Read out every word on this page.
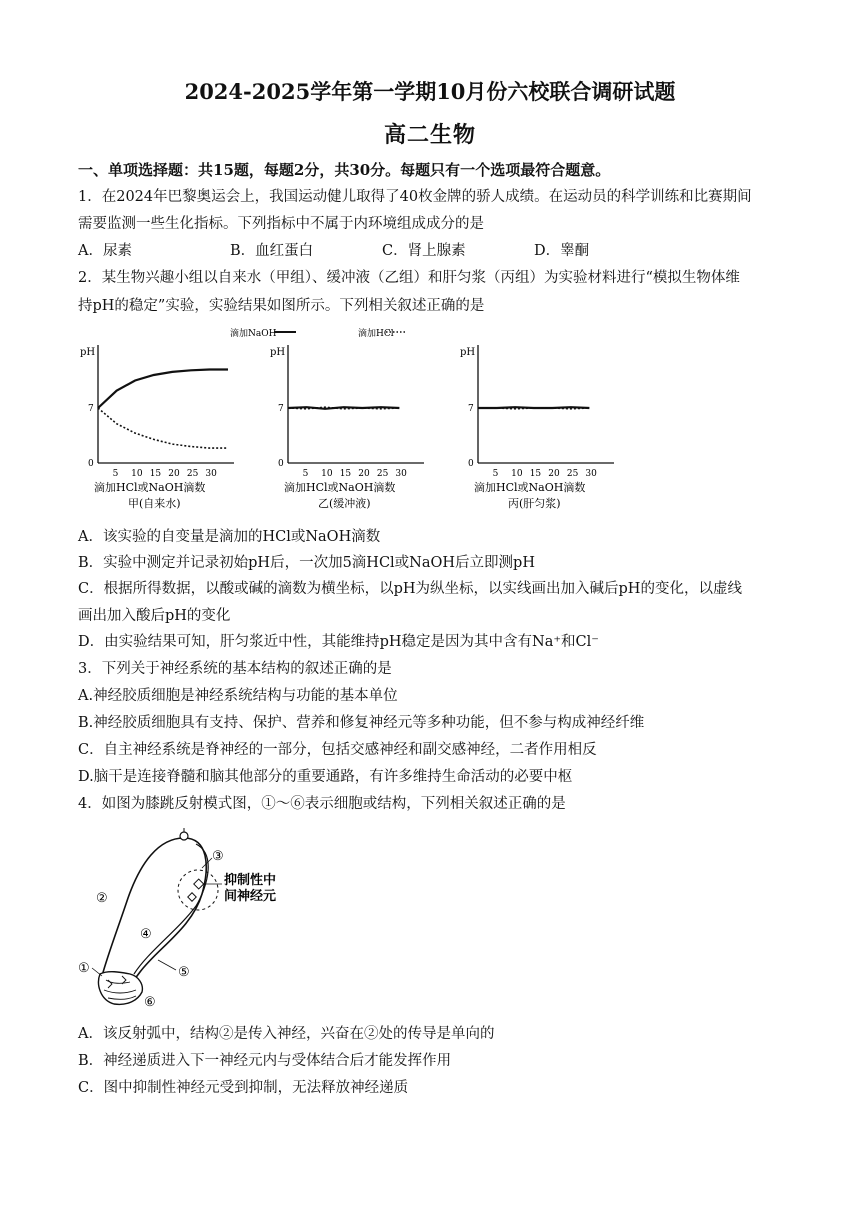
2024-2025学年第一学期10月份六校联合调研试题
高二生物
一、单项选择题：共15题，每题2分，共30分。每题只有一个选项最符合题意。
1．在2024年巴黎奥运会上，我国运动健儿取得了40枚金牌的骄人成绩。在运动员的科学训练和比赛期间
需要监测一些生化指标。下列指标中不属于内环境组成成分的是
A．尿素	B．血红蛋白	C．肾上腺素	D．睾酮
2．某生物兴趣小组以自来水（甲组）、缓冲液（乙组）和肝匀浆（丙组）为实验材料进行“模拟生物体维
持pH的稳定”实验，实验结果如图所示。下列相关叙述正确的是
滴加NaOH	滴加HCl
pH
0
7
5 10 15 20 25 30
滴加HCl或NaOH滴数
甲(自来水)
pH
0
7
5 10 15 20 25 30
滴加HCl或NaOH滴数
乙(缓冲液)
pH
0
7
5 10 15 20 25 30
滴加HCl或NaOH滴数
丙(肝匀浆)
A．该实验的自变量是滴加的HCl或NaOH滴数
B．实验中测定并记录初始pH后，一次加5滴HCl或NaOH后立即测pH
C．根据所得数据，以酸或碱的滴数为横坐标，以pH为纵坐标，以实线画出加入碱后pH的变化，以虚线
画出加入酸后pH的变化
D．由实验结果可知，肝匀浆近中性，其能维持pH稳定是因为其中含有Na⁺和Cl⁻
3．下列关于神经系统的基本结构的叙述正确的是
A.神经胶质细胞是神经系统结构与功能的基本单位
B.神经胶质细胞具有支持、保护、营养和修复神经元等多种功能，但不参与构成神经纤维
C．自主神经系统是脊神经的一部分，包括交感神经和副交感神经，二者作用相反
D.脑干是连接脊髓和脑其他部分的重要通路，有许多维持生命活动的必要中枢
4．如图为膝跳反射模式图，①～⑥表示细胞或结构，下列相关叙述正确的是
③
抑制性中
间神经元
②
④
⑤
①
⑥
A．该反射弧中，结构②是传入神经，兴奋在②处的传导是单向的
B．神经递质进入下一神经元内与受体结合后才能发挥作用
C．图中抑制性神经元受到抑制，无法释放神经递质
